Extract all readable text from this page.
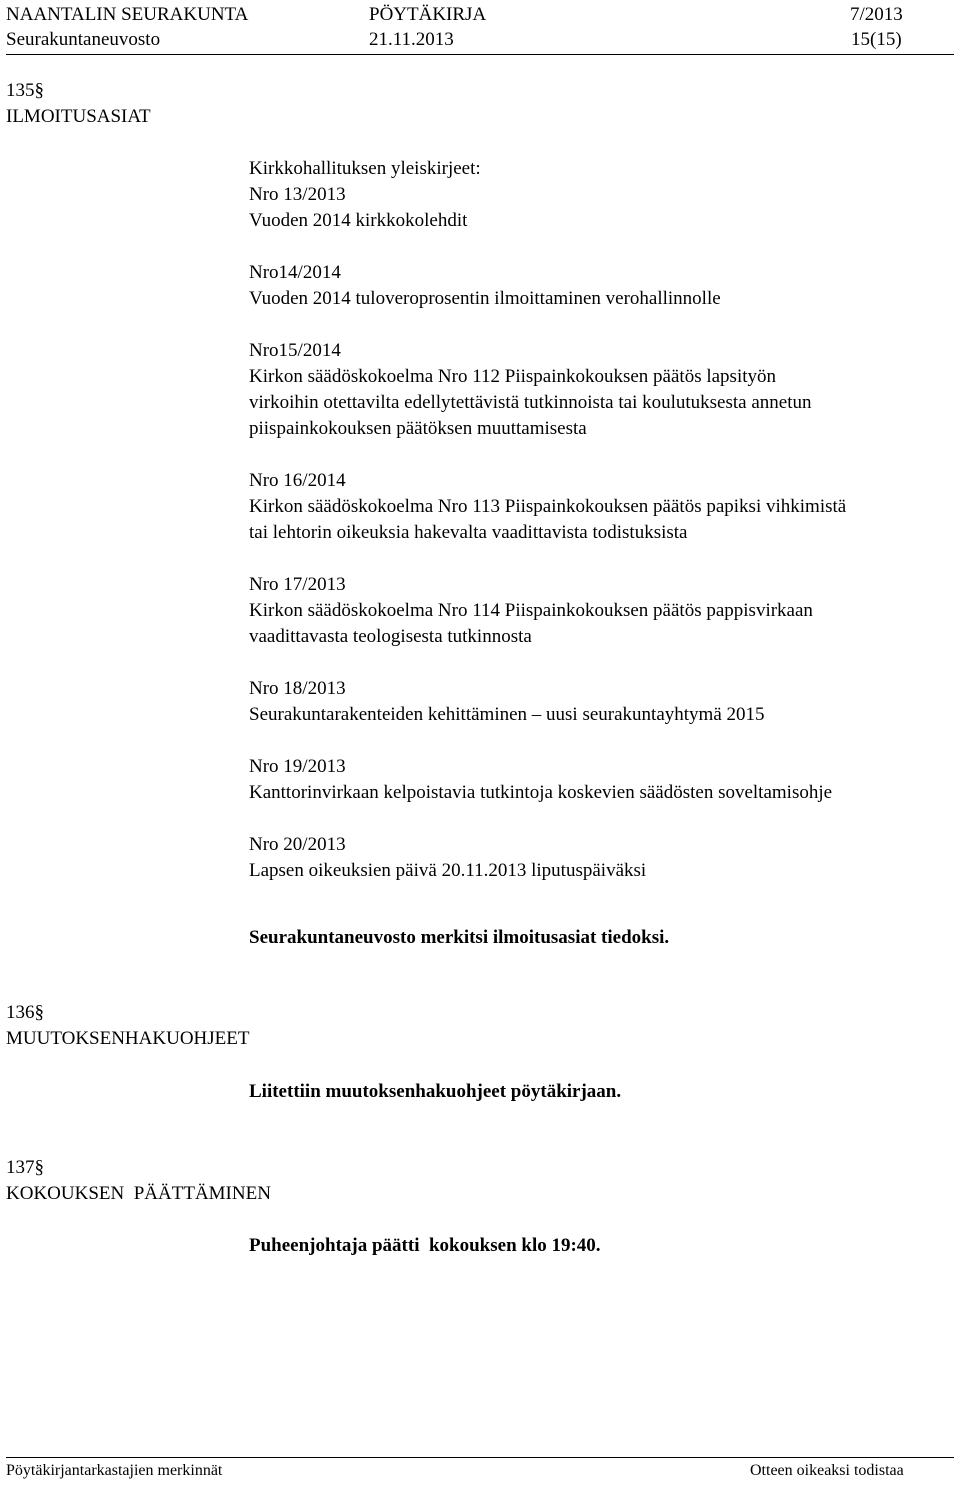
NAANTALIN SEURAKUNTA	PÖYTÄKIRJA	7/2013
Seurakuntaneuvosto	21.11.2013	15(15)
135§
ILMOITUSASIAT
Kirkkohallituksen yleiskirjeet:
Nro 13/2013
Vuoden 2014 kirkkokolehdit
Nro14/2014
Vuoden 2014 tuloveroprosentin ilmoittaminen verohallinnolle
Nro15/2014
Kirkon säädöskokoelma Nro 112 Piispainkokouksen päätös lapsityön
virkoihin otettavilta edellytettävistä tutkinnoista tai koulutuksesta annetun
piispainkokouksen päätöksen muuttamisesta
Nro 16/2014
Kirkon säädöskokoelma Nro 113 Piispainkokouksen päätös papiksi vihkimistä
tai lehtorin oikeuksia hakevalta vaadittavista todistuksista
Nro 17/2013
Kirkon säädöskokoelma Nro 114 Piispainkokouksen päätös pappisvirkaan
vaadittavasta teologisesta tutkinnosta
Nro 18/2013
Seurakuntarakenteiden kehittäminen – uusi seurakuntayhtymä 2015
Nro 19/2013
Kanttorinvirkaan kelpoistavia tutkintoja koskevien säädösten soveltamisohje
Nro 20/2013
Lapsen oikeuksien päivä 20.11.2013 liputuspäiväksi
Seurakuntaneuvosto merkitsi ilmoitusasiat tiedoksi.
136§
MUUTOKSENHAKUOHJEET
Liitettiin muutoksenhakuohjeet pöytäkirjaan.
137§
KOKOUKSEN  PÄÄTTÄMINEN
Puheenjohtaja päätti  kokouksen klo 19:40.
Pöytäkirjantarkastajien merkinnät	Otteen oikeaksi todistaa
